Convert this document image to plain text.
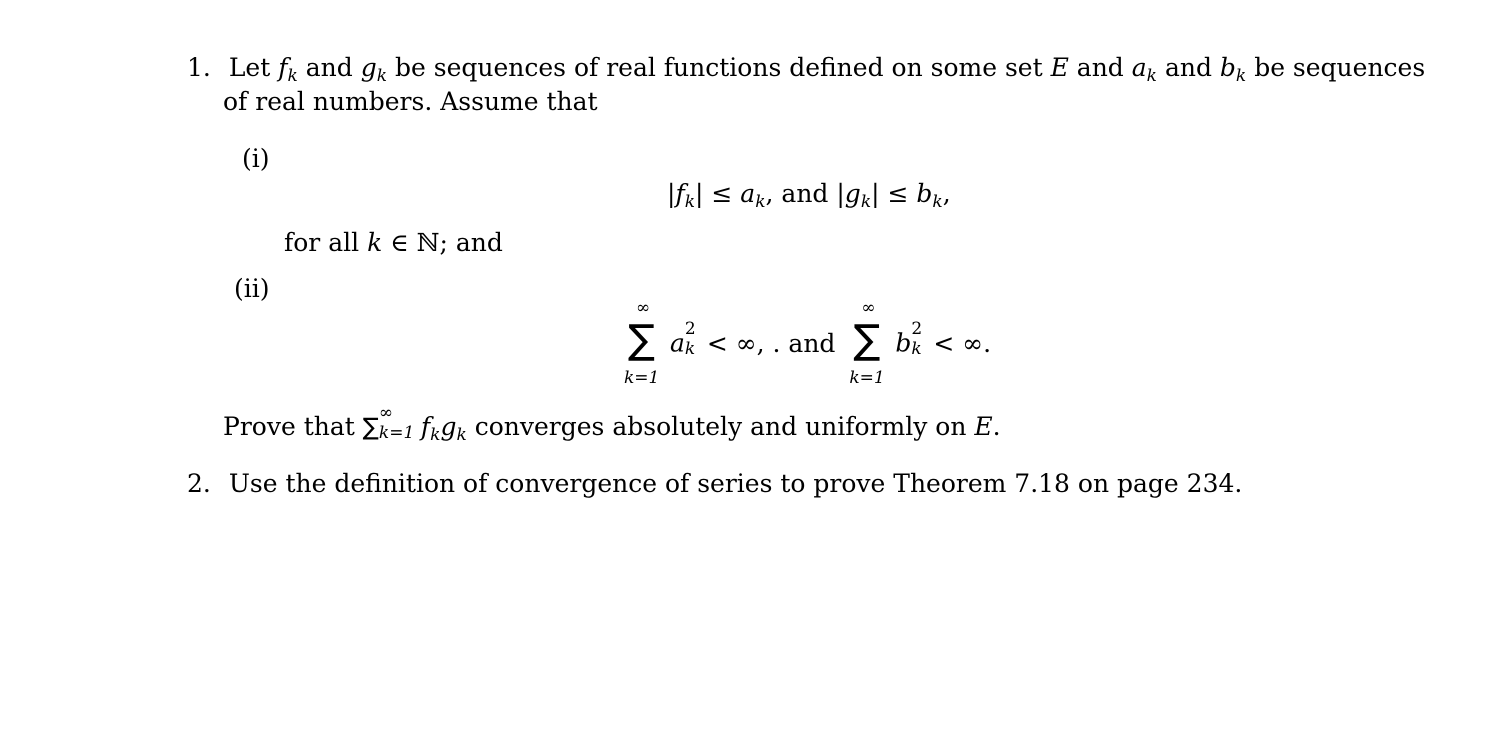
1. Let $f_k$ and $g_k$ be sequences of real functions defined on some set E and $a_k$ and $b_k$ be sequences
of real numbers. Assume that
(i)
$|f_k| \le a_k$, and $|g_k| \le b_k$,
for all k ∈ ℕ; and
(ii)
∑
∞
k=1
a 2
k < ∞, . and ∑
∞
k=1
b 2
k < ∞.
Prove that ∑
∞
k=1 $f_kg_k$ converges absolutely and uniformly on E.
2. Use the definition of convergence of series to prove Theorem 7.18 on page 234.
